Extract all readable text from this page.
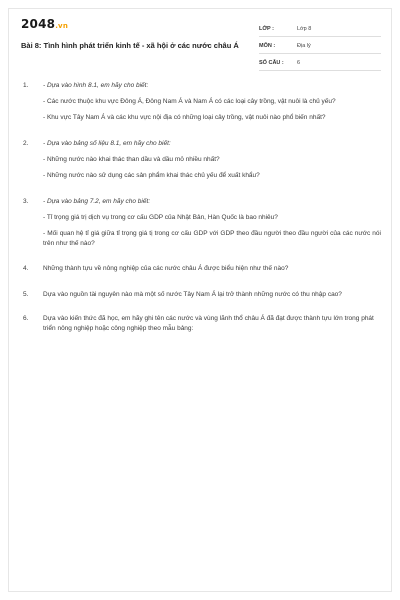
2048.vn
Bài 8: Tình hình phát triển kinh tế - xã hội ở các nước châu Á
LỚP :	Lớp 8
MÔN :	Địa lý
SỐ CÂU : 6
1. - Dựa vào hình 8.1, em hãy cho biết:
- Các nước thuộc khu vực Đông Á, Đông Nam Á và Nam Á có các loại cây trồng, vật nuôi là chủ yếu?
- Khu vực Tây Nam Á và các khu vực nội địa có những loại cây trồng, vật nuôi nào phổ biến nhất?
2. - Dựa vào bảng số liệu 8.1, em hãy cho biết:
- Những nước nào khai thác than dầu và dầu mỏ nhiều nhất?
- Những nước nào sử dụng các sản phẩm khai thác chủ yếu để xuất khẩu?
3. - Dựa vào bảng 7.2, em hãy cho biết:
- Tỉ trọng giá trị dịch vụ trong cơ cấu GDP của Nhật Bản, Hàn Quốc là bao nhiêu?
- Mối quan hệ tỉ giá giữa tỉ trọng giá tị trong cơ cấu GDP với GDP theo đầu người theo đầu người của các nước nói trên như thế nào?
4. Những thành tựu về nông nghiệp của các nước châu Á được biểu hiện như thế nào?
5. Dựa vào nguồn tài nguyên nào mà một số nước Tây Nam Á lại trở thành những nước có thu nhập cao?
6. Dựa vào kiến thức đã học, em hãy ghi tên các nước và vùng lãnh thổ châu Á đã đạt được thành tựu lớn trong phát triển nông nghiệp hoặc công nghiệp theo mẫu bảng:
